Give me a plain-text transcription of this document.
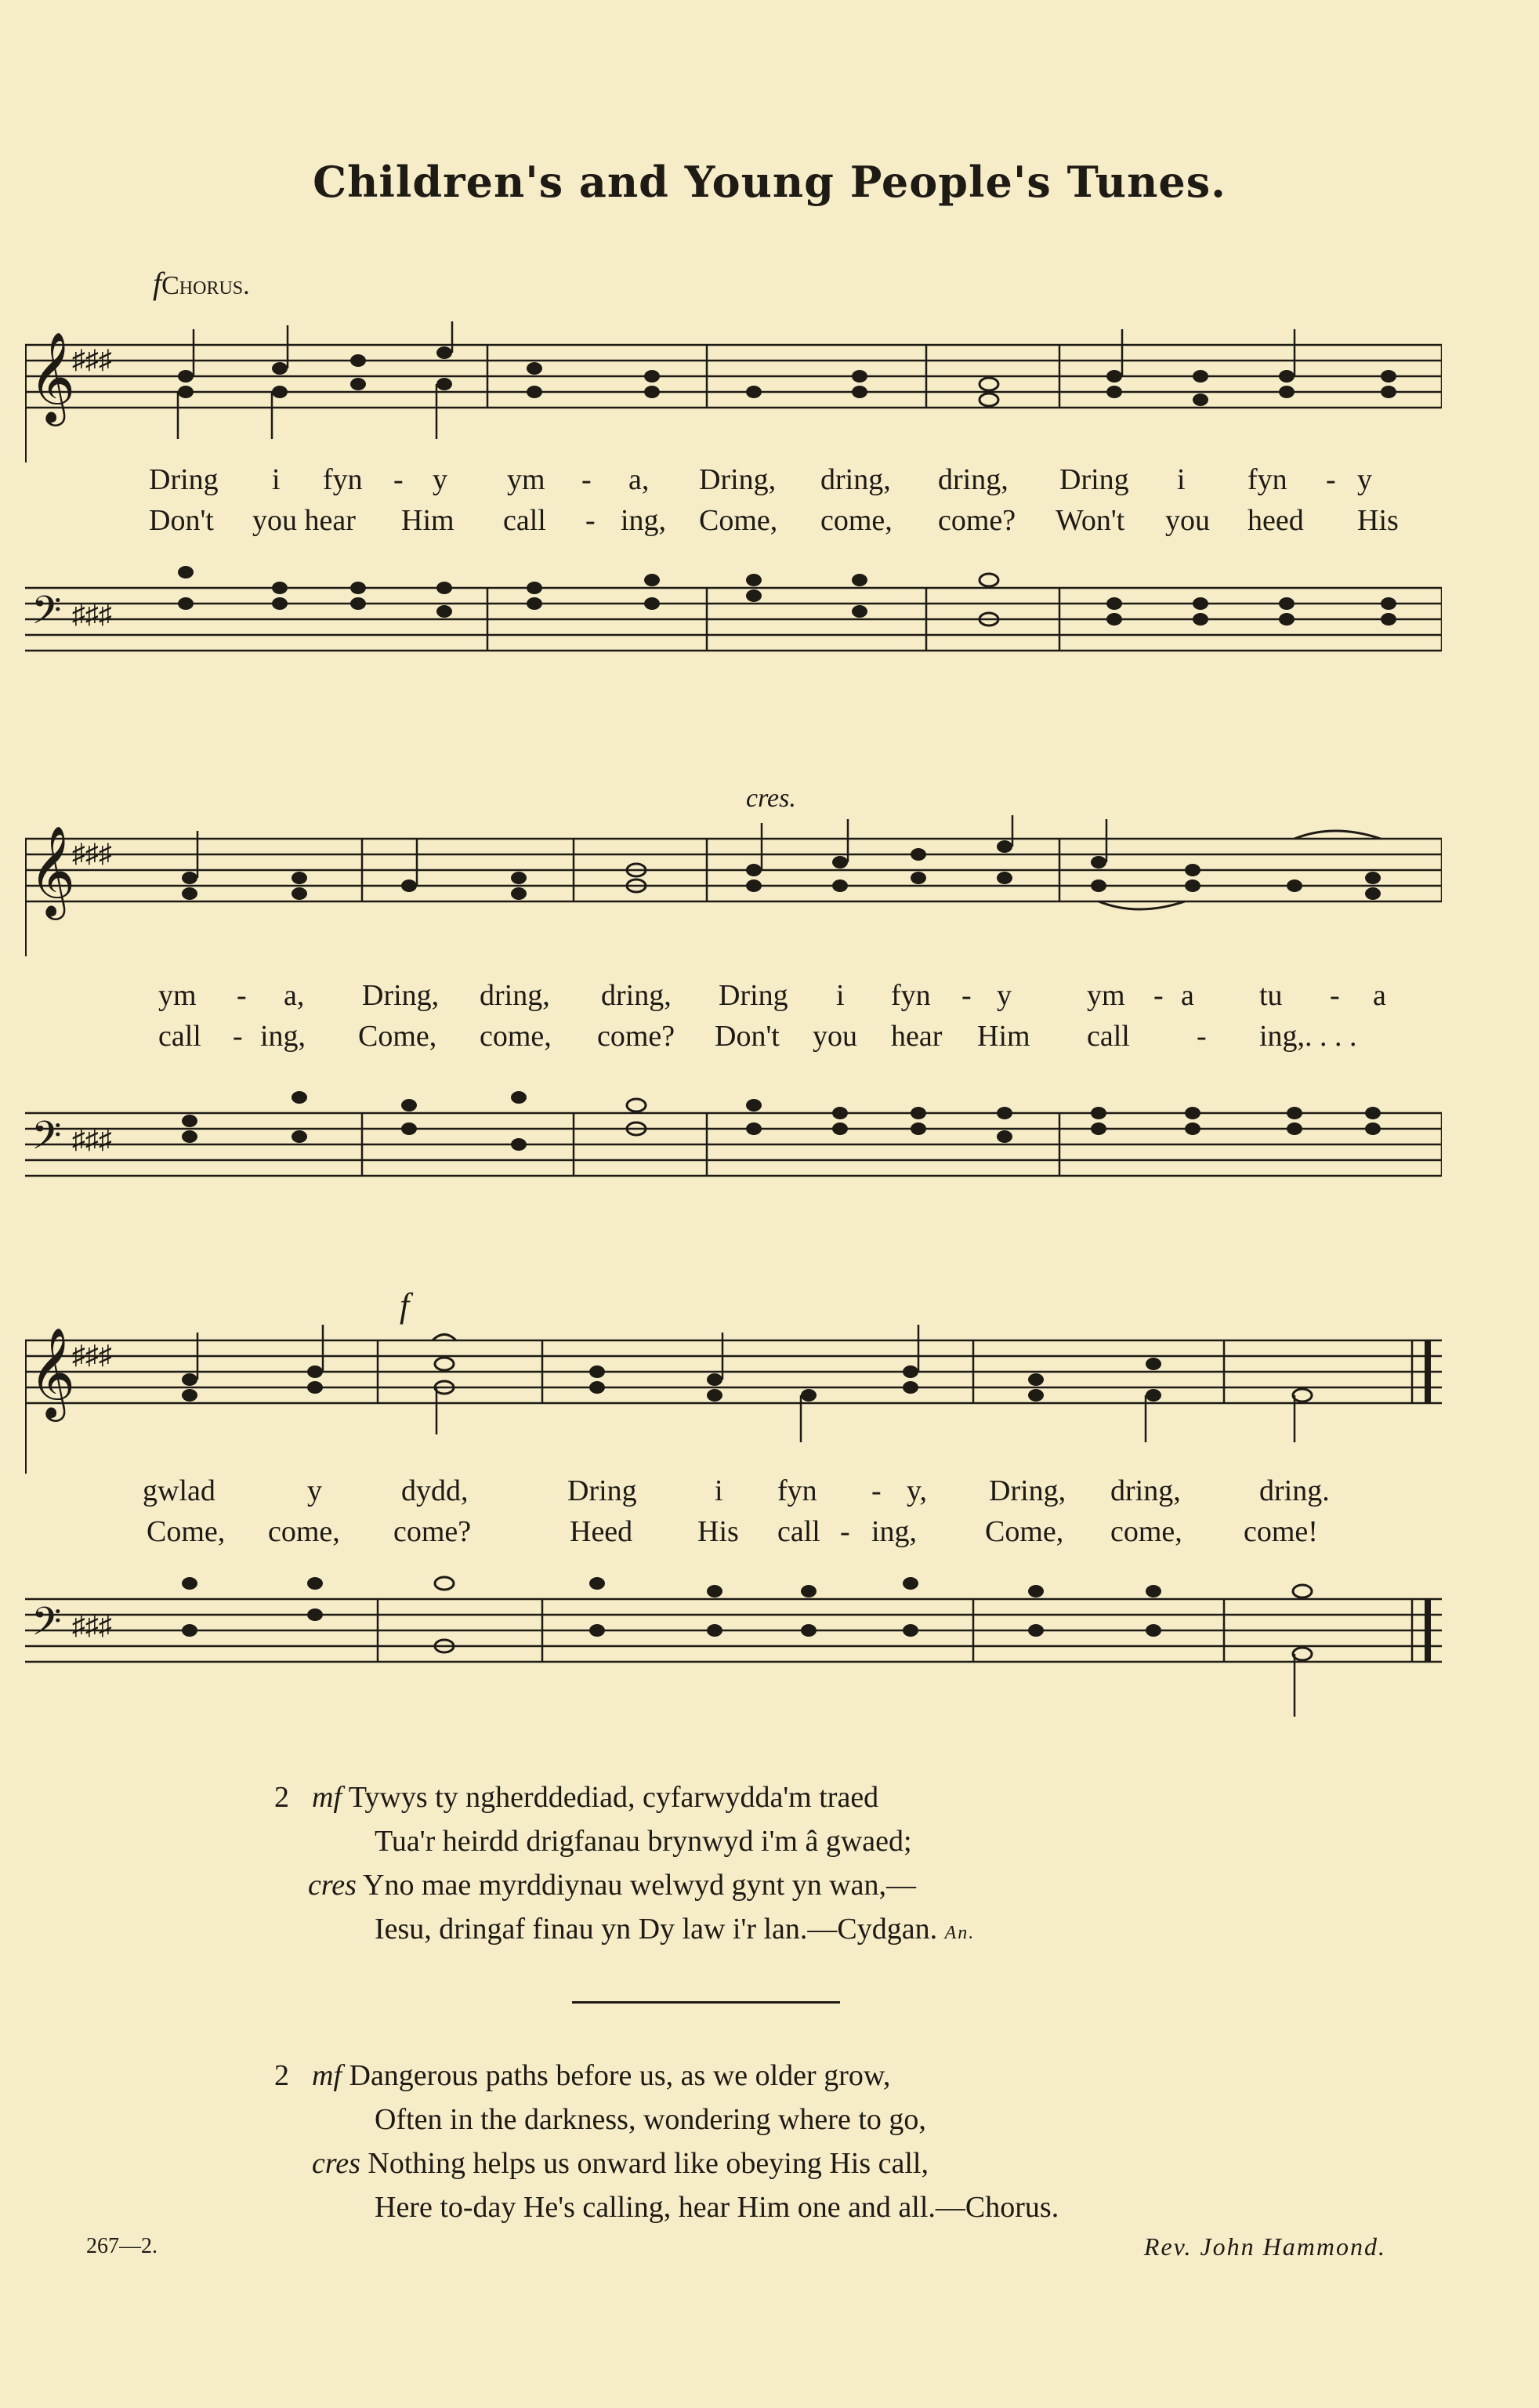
Children's and Young People's Tunes.
fChorus.
𝄞
♯♯♯
Dring i fyn - y ym - a, Dring, dring, dring, Dring i fyn - y
Don't you hear Him call - ing, Come, come, come? Won't you heed His
𝄢 ♯♯♯
cres.
𝄞
♯♯♯
ym - a, Dring, dring, dring, Dring i fyn - y	ym - a tu - a
call - ing, Come, come, come? Don't you hear Him call - ing,. . . .
𝄢 ♯♯♯
f
𝄞
♯♯♯
gwlad	y	dydd,	Dring	i fyn - y, Dring, dring,	dring.
Come, come, come?	Heed His call - ing, Come, come, come!
𝄢 ♯♯♯
2 mf Tywys ty ngherddediad, cyfarwydda'm traed
Tua'r heirdd drigfanau brynwyd i'm â gwaed;
cres Yno mae myrddiynau welwyd gynt yn wan,—
Iesu, dringaf finau yn Dy law i'r lan.—Cydgan. An.
2 mf Dangerous paths before us, as we older grow,
Often in the darkness, wondering where to go,
cres Nothing helps us onward like obeying His call,
Here to-day He's calling, hear Him one and all.—Chorus.
267—2.	Rev. John Hammond.
